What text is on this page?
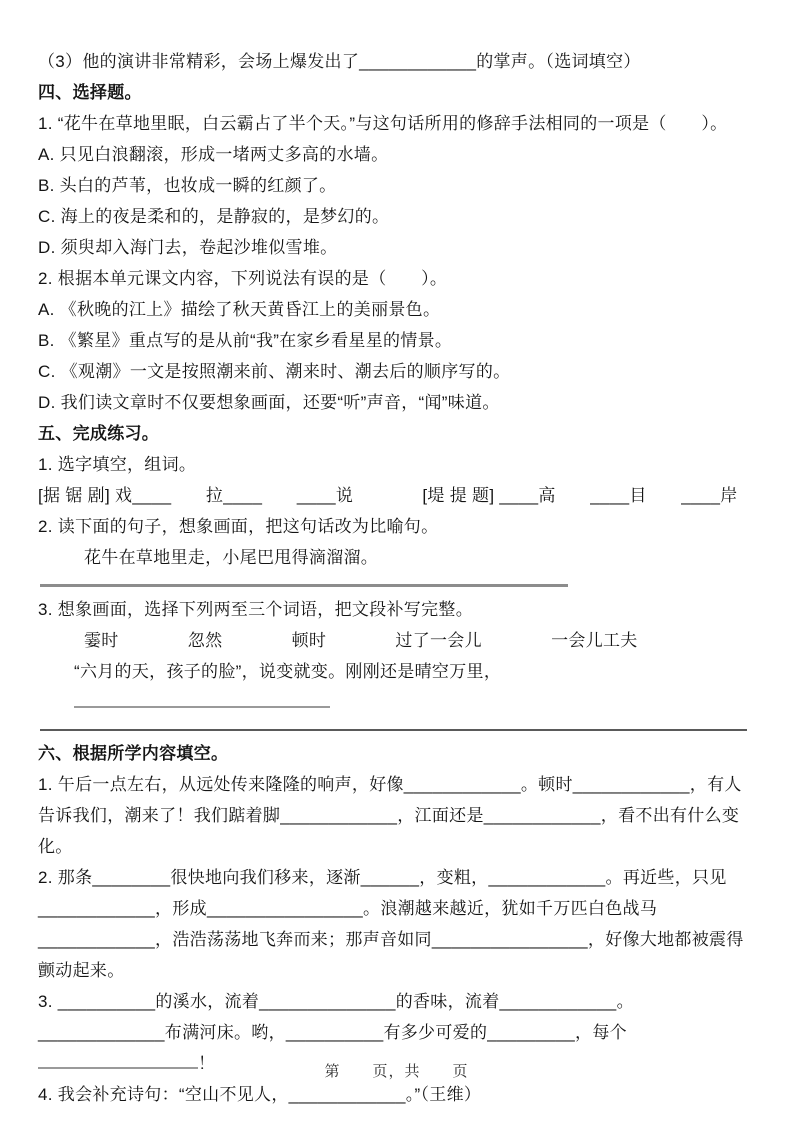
（3）他的演讲非常精彩，会场上爆发出了____________的掌声。（选词填空）
四、选择题。
1. “花牛在草地里眠，白云霸占了半个天。”与这句话所用的修辞手法相同的一项是（　　）。
A. 只见白浪翻滚，形成一堵两丈多高的水墙。
B. 头白的芦苇，也妆成一瞬的红颜了。
C. 海上的夜是柔和的，是静寂的，是梦幻的。
D. 须臾却入海门去，卷起沙堆似雪堆。
2. 根据本单元课文内容，下列说法有误的是（　　）。
A. 《秋晚的江上》描绘了秋天黄昏江上的美丽景色。
B. 《繁星》重点写的是从前“我”在家乡看星星的情景。
C. 《观潮》一文是按照潮来前、潮来时、潮去后的顺序写的。
D. 我们读文章时不仅要想象画面，还要“听”声音，“闻”味道。
五、完成练习。
1. 选字填空，组词。
[据 锯 剧] 戏____　　拉____　　____说　　　　[堤 提 题] ____高　　____目　　____岸
2. 读下面的句子，想象画面，把这句话改为比喻句。
花牛在草地里走，小尾巴甩得滴溜溜。
3. 想象画面，选择下列两至三个词语，把文段补写完整。
霎时　　　　忽然　　　　顿时　　　　过了一会儿　　　　一会儿工夫
“六月的天，孩子的脸”，说变就变。刚刚还是晴空万里，
六、根据所学内容填空。
1. 午后一点左右，从远处传来隆隆的响声，好像____________。顿时____________，有人告诉我们，潮来了！我们踮着脚____________，江面还是____________，看不出有什么变化。
2. 那条________很快地向我们移来，逐渐______，变粗，____________。再近些，只见____________，形成________________。浪潮越来越近，犹如千万匹白色战马____________，浩浩荡荡地飞奔而来；那声音如同________________，好像大地都被震得颤动起来。
3. __________的溪水，流着______________的香味，流着____________。_____________布满河床。哟，__________有多少可爱的_________，每个！
4. 我会补充诗句：“空山不见人，____________。”（王维）
第　　页，共　　页
